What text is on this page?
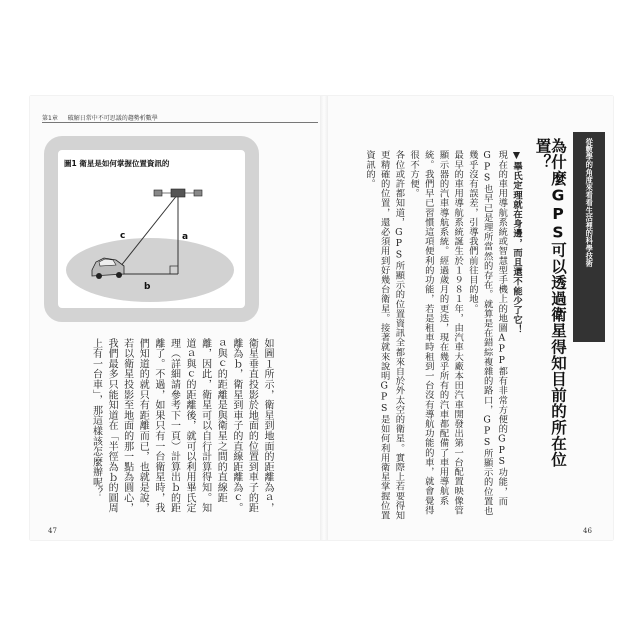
第1章 破解日常中不可思議的趨勢析數學
圖1 衛星是如何掌握位置資訊的
a
c
b
如圖１所示，衛星到地面的距離為ａ，衛星垂直投影於地面的位置到車子的距離為ｂ，衛星到車子的直線距離為ｃ。ａ與ｃ的距離是與衛星之間的直線距離，因此，衛星可以自行計算得知。知道ａ與ｃ的距離後，就可以利用畢氏定理（詳細請參考下一頁）計算出ｂ的距離了。不過，如果只有一台衛星時，我們知道的就只有距離而已，也就是說，若以衛星投影至地面的那一點為圓心，我們最多只能知道在「半徑為ｂ的圓周上有一台車」，那這樣該怎麼辦呢？
47
從數學的角度來看看生活裡的科學技術
為什麼GPS可以透過衛星得知目前的所在位置？
▼畢氏定理就在身邊，而且還不能少了它！
現在的車用導航系統或智慧型手機上的地圖APP都有非常方便的GPS功能，而GPS也早已是理所當然的存在。就算是在錯綜複雜的路口，GPS所顯示的位置也幾乎沒有誤差，引導我們前往目的地。
最早的車用導航系統誕生於１９８１年，由汽車大廠本田汽車開發出第一台配置映像管顯示器的汽車導航系統。經過歲月的更迭，現在幾乎所有的汽車都配備了車用導航系統。我們早已習慣這項便利的功能，若是租車時租到一台沒有導航功能的車，就會覺得很不方便。
各位或許都知道，GPS所顯示的位置資訊全都來自於外太空的衛星。實際上若要得知更精確的位置，還必須用到好幾台衛星。接著就來說明GPS是如何利用衛星掌握位置資訊的。
46
